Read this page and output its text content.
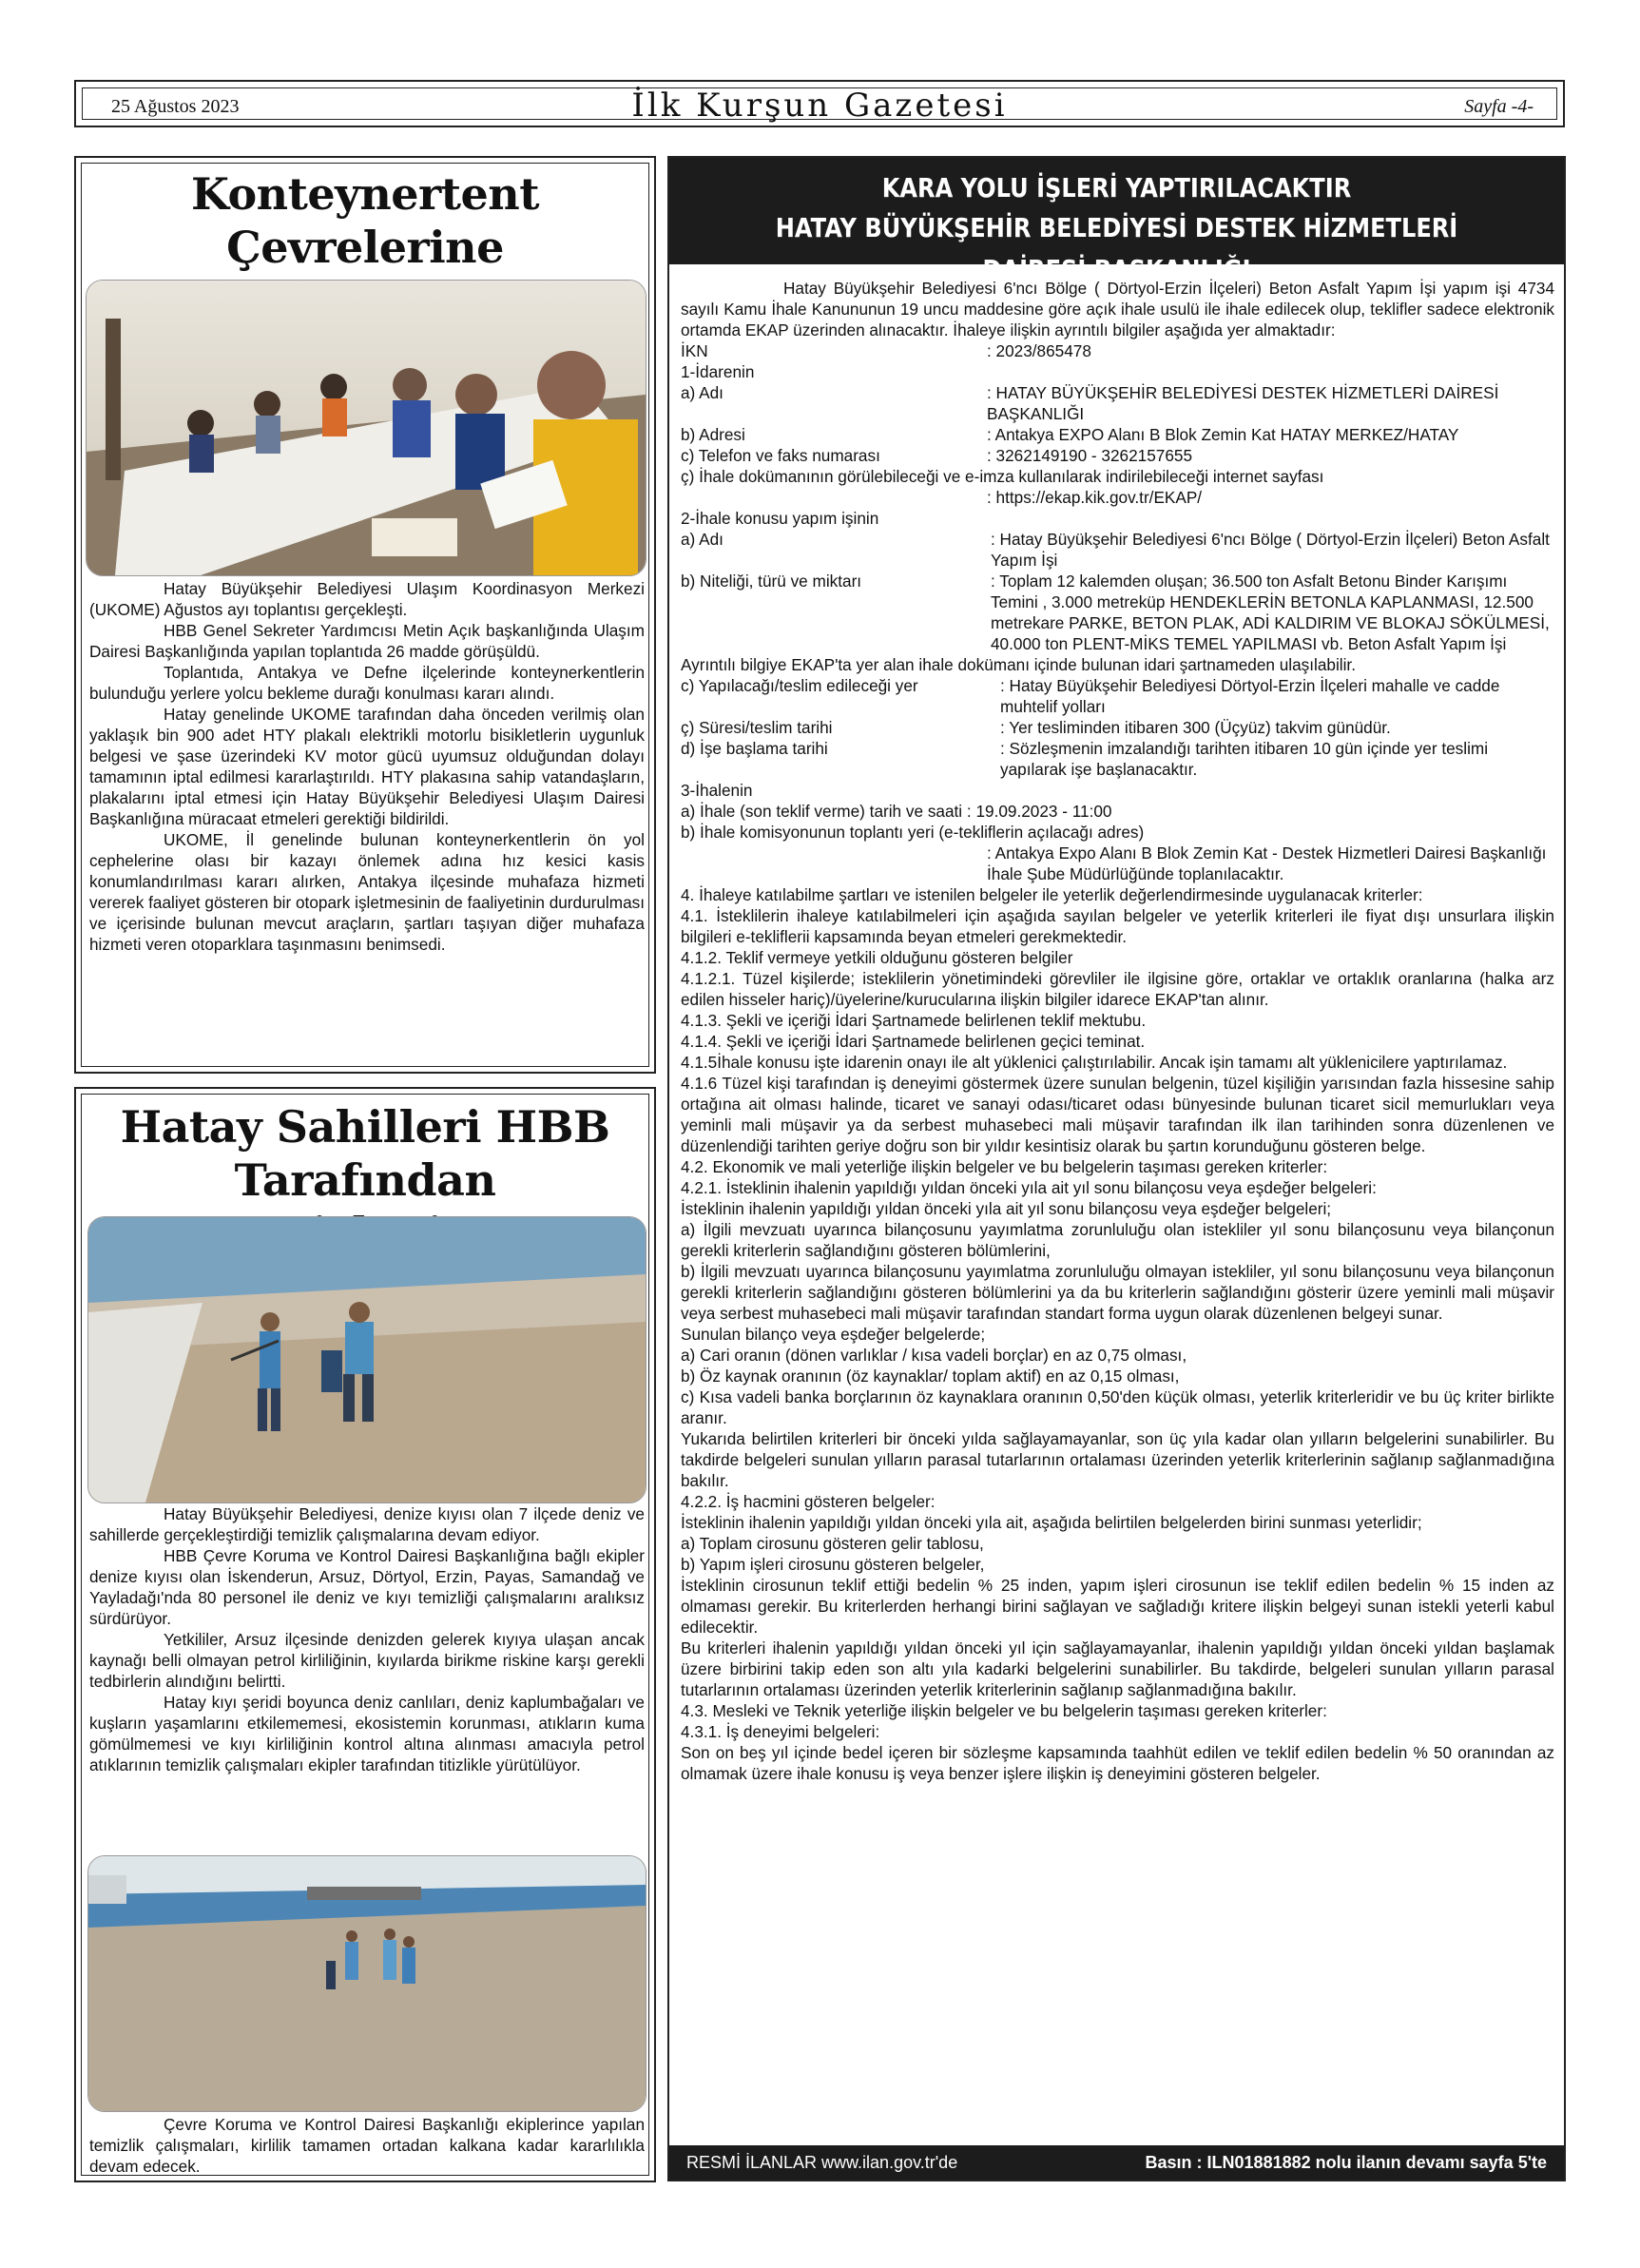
25 Ağustos 2023	İlk Kurşun Gazetesi	Sayfa -4-

Konteynertent Çevrelerine

Hatay Büyükşehir Belediyesi Ulaşım Koordinasyon Merkezi (UKOME) Ağustos ayı toplantısı gerçekleşti.

HBB Genel Sekreter Yardımcısı Metin Açık başkanlığında Ulaşım Dairesi Başkanlığında yapılan toplantıda 26 madde görüşüldü.

Toplantıda, Antakya ve Defne ilçelerinde konteynerkentlerin bulunduğu yerlere yolcu bekleme durağı konulması kararı alındı.

Hatay genelinde UKOME tarafından daha önceden verilmiş olan yaklaşık bin 900 adet HTY plakalı elektrikli motorlu bisikletlerin uygunluk belgesi ve şase üzerindeki KV motor gücü uyumsuz olduğundan dolayı tamamının iptal edilmesi kararlaştırıldı. HTY plakasına sahip vatandaşların, plakalarını iptal etmesi için Hatay Büyükşehir Belediyesi Ulaşım Dairesi Başkanlığına müracaat etmeleri gerektiği bildirildi.

UKOME, İl genelinde bulunan konteynerkentlerin ön yol cephelerine olası bir kazayı önlemek adına hız kesici kasis konumlandırılması kararı alırken, Antakya ilçesinde muhafaza hizmeti vererek faaliyet gösteren bir otopark işletmesinin de faaliyetinin durdurulması ve içerisinde bulunan mevcut araçların, şartları taşıyan diğer muhafaza hizmeti veren otoparklara taşınmasını benimsedi.

Hatay Sahilleri HBB

Tarafından

Hatay Büyükşehir Belediyesi, denize kıyısı olan 7 ilçede deniz ve sahillerde gerçekleştirdiği temizlik çalışmalarına devam ediyor.

HBB Çevre Koruma ve Kontrol Dairesi Başkanlığına bağlı ekipler denize kıyısı olan İskenderun, Arsuz, Dörtyol, Erzin, Payas, Samandağ ve Yayladağı'nda 80 personel ile deniz ve kıyı temizliği çalışmalarını aralıksız sürdürüyor.

Yetkililer, Arsuz ilçesinde denizden gelerek kıyıya ulaşan ancak kaynağı belli olmayan petrol kirliliğinin, kıyılarda birikme riskine karşı gerekli tedbirlerin alındığını belirtti.

Hatay kıyı şeridi boyunca deniz canlıları, deniz kaplumbağaları ve kuşların yaşamlarını etkilememesi, ekosistemin korunması, atıkların kuma gömülmemesi ve kıyı kirliliğinin kontrol altına alınması amacıyla petrol atıklarının temizlik çalışmaları ekipler tarafından titizlikle yürütülüyor.

Çevre Koruma ve Kontrol Dairesi Başkanlığı ekiplerince yapılan temizlik çalışmaları, kirlilik tamamen ortadan kalkana kadar kararlılıkla devam edecek.

KARA YOLU İŞLERİ YAPTIRILACAKTIR
HATAY BÜYÜKŞEHİR BELEDİYESİ DESTEK HİZMETLERİ DAİRESİ BAŞKANLIĞI

Hatay Büyükşehir Belediyesi 6'ncı Bölge ( Dörtyol-Erzin İlçeleri) Beton Asfalt Yapım İşi yapım işi 4734 sayılı Kamu İhale Kanununun 19 uncu maddesine göre açık ihale usulü ile ihale edilecek olup, teklifler sadece elektronik ortamda EKAP üzerinden alınacaktır. İhaleye ilişkin ayrıntılı bilgiler aşağıda yer almaktadır:

İKN	: 2023/865478
1-İdarenin
a) Adı	: HATAY BÜYÜKŞEHİR BELEDİYESİ DESTEK HİZMETLERİ DAİRESİ BAŞKANLIĞI
b) Adresi	: Antakya EXPO Alanı B Blok Zemin Kat HATAY MERKEZ/HATAY
c) Telefon ve faks numarası	: 3262149190 - 3262157655
ç) İhale dokümanının görülebileceği ve e-imza kullanılarak indirilebileceği internet sayfası
: https://ekap.kik.gov.tr/EKAP/
2-İhale konusu yapım işinin
a) Adı	: Hatay Büyükşehir Belediyesi 6'ncı Bölge ( Dörtyol-Erzin İlçeleri) Beton Asfalt Yapım İşi
b) Niteliği, türü ve miktarı	: Toplam 12 kalemden oluşan; 36.500 ton Asfalt Betonu Binder Karışımı Temini , 3.000 metreküp HENDEKLERİN BETONLA KAPLANMASI, 12.500 metrekare PARKE, BETON PLAK, ADİ KALDIRIM VE BLOKAJ SÖKÜLMESİ, 40.000 ton PLENT-MİKS TEMEL YAPILMASI vb. Beton Asfalt Yapım İşi
Ayrıntılı bilgiye EKAP'ta yer alan ihale dokümanı içinde bulunan idari şartnameden ulaşılabilir.
c) Yapılacağı/teslim edileceği yer	: Hatay Büyükşehir Belediyesi Dörtyol-Erzin İlçeleri mahalle ve cadde muhtelif yolları
ç) Süresi/teslim tarihi	: Yer tesliminden itibaren 300 (Üçyüz) takvim günüdür.
d) İşe başlama tarihi	: Sözleşmenin imzalandığı tarihten itibaren 10 gün içinde yer teslimi yapılarak işe başlanacaktır.
3-İhalenin
a) İhale (son teklif verme) tarih ve saati : 19.09.2023 - 11:00
b) İhale komisyonunun toplantı yeri (e-tekliflerin açılacağı adres)
: Antakya Expo Alanı B Blok Zemin Kat - Destek Hizmetleri Dairesi Başkanlığı İhale Şube Müdürlüğünde toplanılacaktır.
4. İhaleye katılabilme şartları ve istenilen belgeler ile yeterlik değerlendirmesinde uygulanacak kriterler:
4.1. İsteklilerin ihaleye katılabilmeleri için aşağıda sayılan belgeler ve yeterlik kriterleri ile fiyat dışı unsurlara ilişkin bilgileri e-tekliflerii kapsamında beyan etmeleri gerekmektedir.
4.1.2. Teklif vermeye yetkili olduğunu gösteren belgiler
4.1.2.1. Tüzel kişilerde; isteklilerin yönetimindeki görevliler ile ilgisine göre, ortaklar ve ortaklık oranlarına (halka arz edilen hisseler hariç)/üyelerine/kurucularına ilişkin bilgiler idarece EKAP'tan alınır.
4.1.3. Şekli ve içeriği İdari Şartnamede belirlenen teklif mektubu.
4.1.4. Şekli ve içeriği İdari Şartnamede belirlenen geçici teminat.
4.1.5İhale konusu işte idarenin onayı ile alt yüklenici çalıştırılabilir. Ancak işin tamamı alt yüklenicilere yaptırılamaz.
4.1.6 Tüzel kişi tarafından iş deneyimi göstermek üzere sunulan belgenin, tüzel kişiliğin yarısından fazla hissesine sahip ortağına ait olması halinde, ticaret ve sanayi odası/ticaret odası bünyesinde bulunan ticaret sicil memurlukları veya yeminli mali müşavir ya da serbest muhasebeci mali müşavir tarafından ilk ilan tarihinden sonra düzenlenen ve düzenlendiği tarihten geriye doğru son bir yıldır kesintisiz olarak bu şartın korunduğunu gösteren belge.
4.2. Ekonomik ve mali yeterliğe ilişkin belgeler ve bu belgelerin taşıması gereken kriterler:
4.2.1. İsteklinin ihalenin yapıldığı yıldan önceki yıla ait yıl sonu bilançosu veya eşdeğer belgeleri:
İsteklinin ihalenin yapıldığı yıldan önceki yıla ait yıl sonu bilançosu veya eşdeğer belgeleri;
a) İlgili mevzuatı uyarınca bilançosunu yayımlatma zorunluluğu olan istekliler yıl sonu bilançosunu veya bilançonun gerekli kriterlerin sağlandığını gösteren bölümlerini,
b) İlgili mevzuatı uyarınca bilançosunu yayımlatma zorunluluğu olmayan istekliler, yıl sonu bilançosunu veya bilançonun gerekli kriterlerin sağlandığını gösteren bölümlerini ya da bu kriterlerin sağlandığını gösterir üzere yeminli mali müşavir veya serbest muhasebeci mali müşavir tarafından standart forma uygun olarak düzenlenen belgeyi sunar.
Sunulan bilanço veya eşdeğer belgelerde;
a) Cari oranın (dönen varlıklar / kısa vadeli borçlar) en az 0,75 olması,
b) Öz kaynak oranının (öz kaynaklar/ toplam aktif) en az 0,15 olması,
c) Kısa vadeli banka borçlarının öz kaynaklara oranının 0,50'den küçük olması, yeterlik kriterleridir ve bu üç kriter birlikte aranır.
Yukarıda belirtilen kriterleri bir önceki yılda sağlayamayanlar, son üç yıla kadar olan yılların belgelerini sunabilirler. Bu takdirde belgeleri sunulan yılların parasal tutarlarının ortalaması üzerinden yeterlik kriterlerinin sağlanıp sağlanmadığına bakılır.
4.2.2. İş hacmini gösteren belgeler:
İsteklinin ihalenin yapıldığı yıldan önceki yıla ait, aşağıda belirtilen belgelerden birini sunması yeterlidir;
a) Toplam cirosunu gösteren gelir tablosu,
b) Yapım işleri cirosunu gösteren belgeler,
İsteklinin cirosunun teklif ettiği bedelin % 25 inden, yapım işleri cirosunun ise teklif edilen bedelin % 15 inden az olmaması gerekir. Bu kriterlerden herhangi birini sağlayan ve sağladığı kritere ilişkin belgeyi sunan istekli yeterli kabul edilecektir.
Bu kriterleri ihalenin yapıldığı yıldan önceki yıl için sağlayamayanlar, ihalenin yapıldığı yıldan önceki yıldan başlamak üzere birbirini takip eden son altı yıla kadarki belgelerini sunabilirler. Bu takdirde, belgeleri sunulan yılların parasal tutarlarının ortalaması üzerinden yeterlik kriterlerinin sağlanıp sağlanmadığına bakılır.
4.3. Mesleki ve Teknik yeterliğe ilişkin belgeler ve bu belgelerin taşıması gereken kriterler:
4.3.1. İş deneyimi belgeleri:
Son on beş yıl içinde bedel içeren bir sözleşme kapsamında taahhüt edilen ve teklif edilen bedelin % 50 oranından az olmamak üzere ihale konusu iş veya benzer işlere ilişkin iş deneyimini gösteren belgeler.
RESMİ İLANLAR www.ilan.gov.tr'de	Basın : ILN01881882 nolu ilanın devamı sayfa 5'te
